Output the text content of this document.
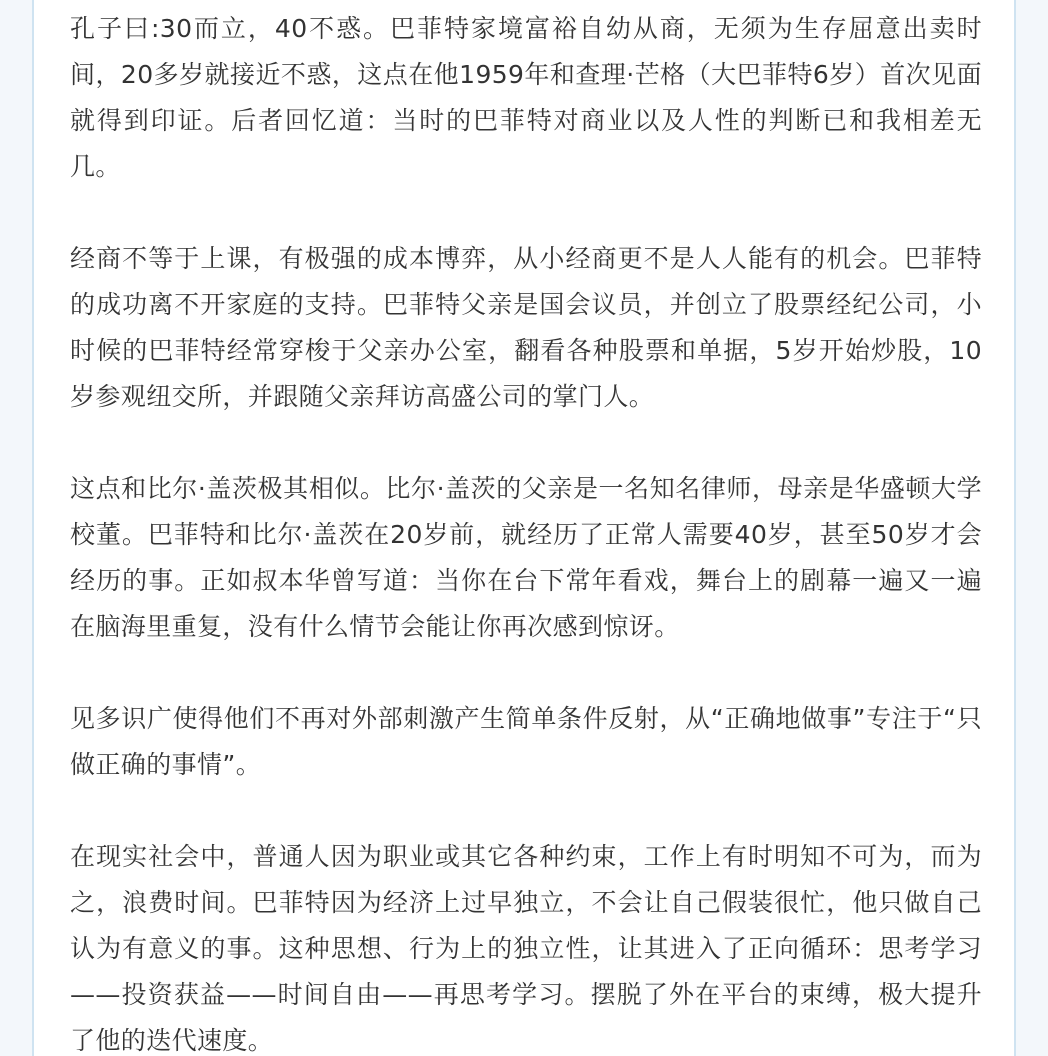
孔子曰:30而立，40不惑。巴菲特家境富裕自幼从商，无须为生存屈意出卖时间，20多岁就接近不惑，这点在他1959年和查理·芒格（大巴菲特6岁）首次见面就得到印证。后者回忆道：当时的巴菲特对商业以及人性的判断已和我相差无几。

经商不等于上课，有极强的成本博弈，从小经商更不是人人能有的机会。巴菲特的成功离不开家庭的支持。巴菲特父亲是国会议员，并创立了股票经纪公司，小时候的巴菲特经常穿梭于父亲办公室，翻看各种股票和单据，5岁开始炒股，10岁参观纽交所，并跟随父亲拜访高盛公司的掌门人。

这点和比尔·盖茨极其相似。比尔·盖茨的父亲是一名知名律师，母亲是华盛顿大学校董。巴菲特和比尔·盖茨在20岁前，就经历了正常人需要40岁，甚至50岁才会经历的事。正如叔本华曾写道：当你在台下常年看戏，舞台上的剧幕一遍又一遍在脑海里重复，没有什么情节会能让你再次感到惊讶。

见多识广使得他们不再对外部刺激产生简单条件反射，从“正确地做事”专注于“只做正确的事情”。

在现实社会中，普通人因为职业或其它各种约束，工作上有时明知不可为，而为之，浪费时间。巴菲特因为经济上过早独立，不会让自己假装很忙，他只做自己认为有意义的事。这种思想、行为上的独立性，让其进入了正向循环：思考学习——投资获益——时间自由——再思考学习。摆脱了外在平台的束缚，极大提升了他的迭代速度。
